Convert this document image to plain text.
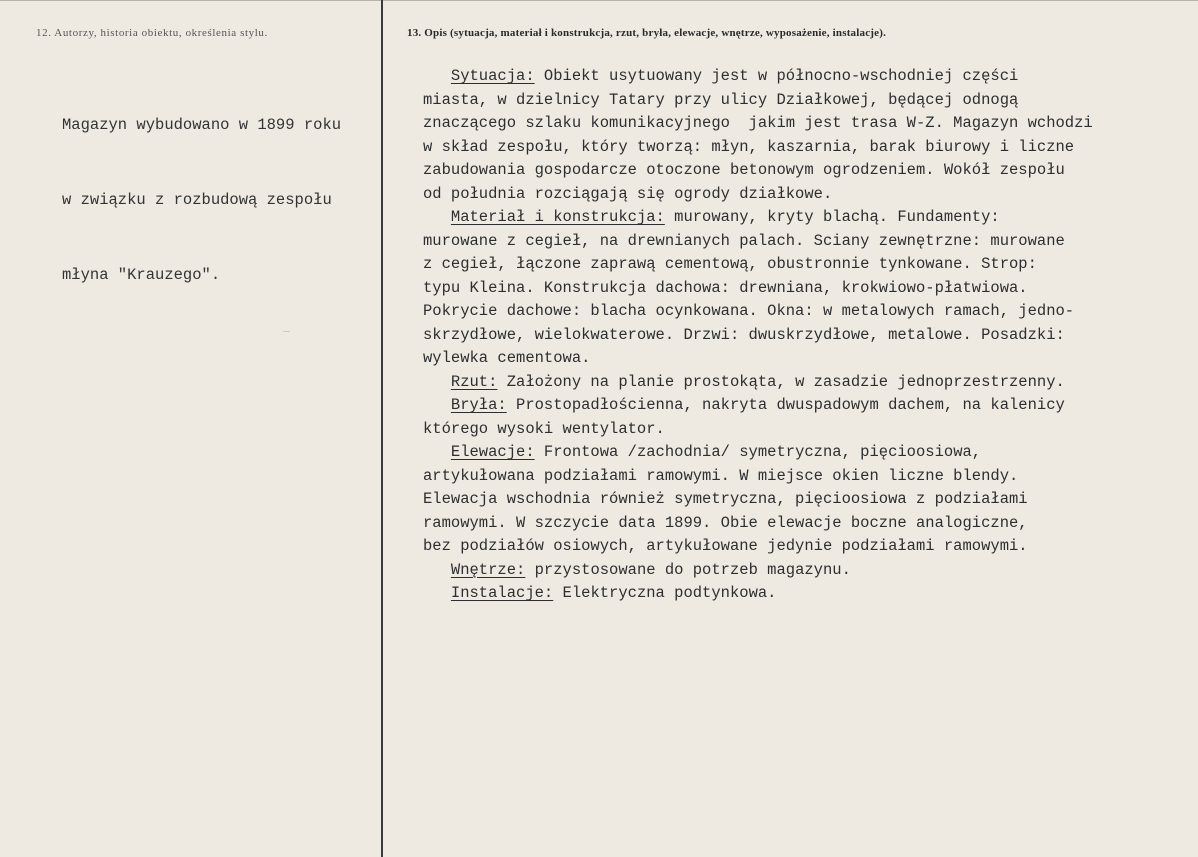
12. Autorzy, historia obiektu, określenia stylu.	13. Opis (sytuacja, materiał i konstrukcja, rzut, bryła, elewacje, wnętrze, wyposażenie, instalacje).

Magazyn wybudowano w 1899 roku

w związku z rozbudową zespołu

młyna "Krauzego".

Sytuacja: Obiekt usytuowany jest w północno-wschodniej części
miasta, w dzielnicy Tatary przy ulicy Działkowej, będącej odnogą
znaczącego szlaku komunikacyjnego  jakim jest trasa W-Z. Magazyn wchodzi
w skład zespołu, który tworzą: młyn, kaszarnia, barak biurowy i liczne
zabudowania gospodarcze otoczone betonowym ogrodzeniem. Wokół zespołu
od południa rozciągają się ogrody działkowe.
Materiał i konstrukcja: murowany, kryty blachą. Fundamenty:
murowane z cegieł, na drewnianych palach. Sciany zewnętrzne: murowane
z cegieł, łączone zaprawą cementową, obustronnie tynkowane. Strop:
typu Kleina. Konstrukcja dachowa: drewniana, krokwiowo-płatwiowa.
Pokrycie dachowe: blacha ocynkowana. Okna: w metalowych ramach, jedno-
skrzydłowe, wielokwaterowe. Drzwi: dwuskrzydłowe, metalowe. Posadzki:
wylewka cementowa.
Rzut: Założony na planie prostokąta, w zasadzie jednoprzestrzenny.
Bryła: Prostopadłościenna, nakryta dwuspadowym dachem, na kalenicy
którego wysoki wentylator.
Elewacje: Frontowa /zachodnia/ symetryczna, pięcioosiowa,
artykułowana podziałami ramowymi. W miejsce okien liczne blendy.
Elewacja wschodnia również symetryczna, pięcioosiowa z podziałami
ramowymi. W szczycie data 1899. Obie elewacje boczne analogiczne,
bez podziałów osiowych, artykułowane jedynie podziałami ramowymi.
Wnętrze: przystosowane do potrzeb magazynu.
Instalacje: Elektryczna podtynkowa.
